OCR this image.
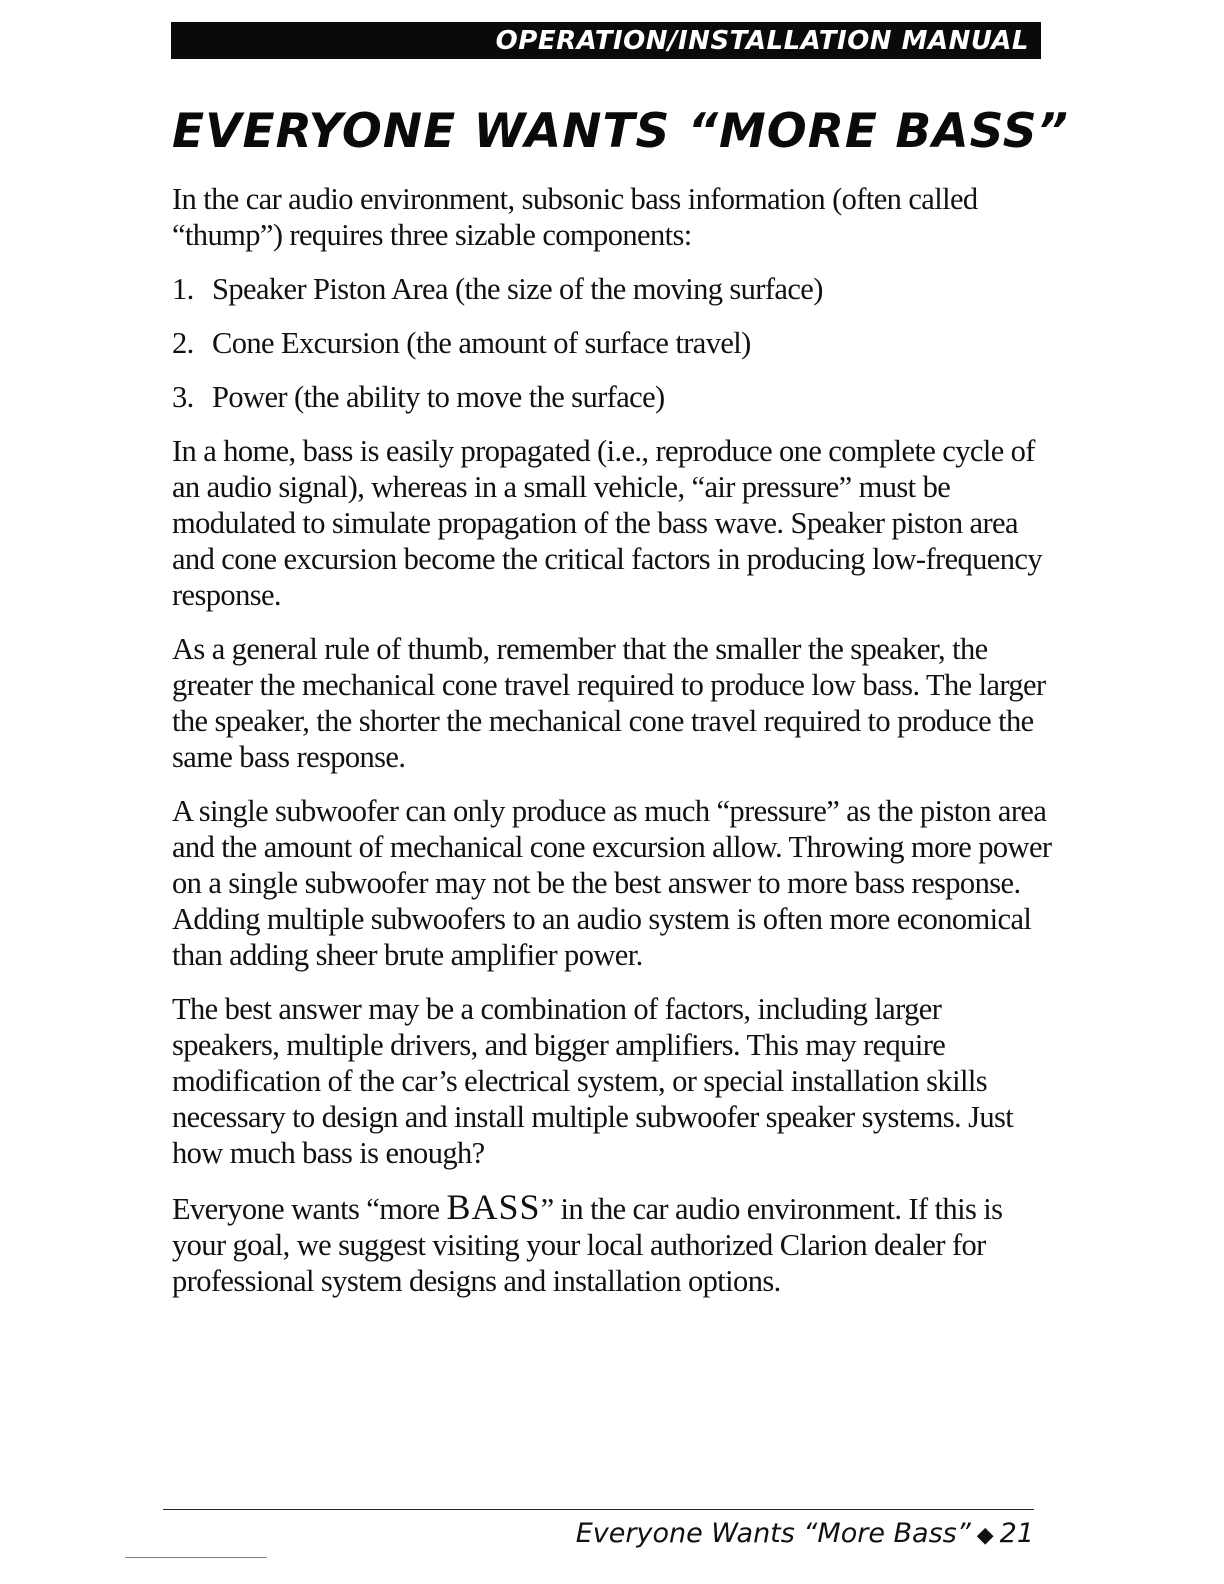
OPERATION/INSTALLATION MANUAL
EVERYONE WANTS “MORE BASS”

In the car audio environment, subsonic bass information (often called “thump”) requires three sizable components:

1. Speaker Piston Area (the size of the moving surface)
2. Cone Excursion (the amount of surface travel)
3. Power (the ability to move the surface)

In a home, bass is easily propagated (i.e., reproduce one complete cycle of an audio signal), whereas in a small vehicle, “air pressure” must be modulated to simulate propagation of the bass wave. Speaker piston area and cone excursion become the critical factors in producing low-frequency response.

As a general rule of thumb, remember that the smaller the speaker, the greater the mechanical cone travel required to produce low bass. The larger the speaker, the shorter the mechanical cone travel required to produce the same bass response.

A single subwoofer can only produce as much “pressure” as the piston area and the amount of mechanical cone excursion allow. Throwing more power on a single subwoofer may not be the best answer to more bass response. Adding multiple subwoofers to an audio system is often more economical than adding sheer brute amplifier power.

The best answer may be a combination of factors, including larger speakers, multiple drivers, and bigger amplifiers. This may require modification of the car’s electrical system, or special installation skills necessary to design and install multiple subwoofer speaker systems. Just how much bass is enough?

Everyone wants “more BASS” in the car audio environment. If this is your goal, we suggest visiting your local authorized Clarion dealer for professional system designs and installation options.

Everyone Wants “More Bass” ◆ 21
